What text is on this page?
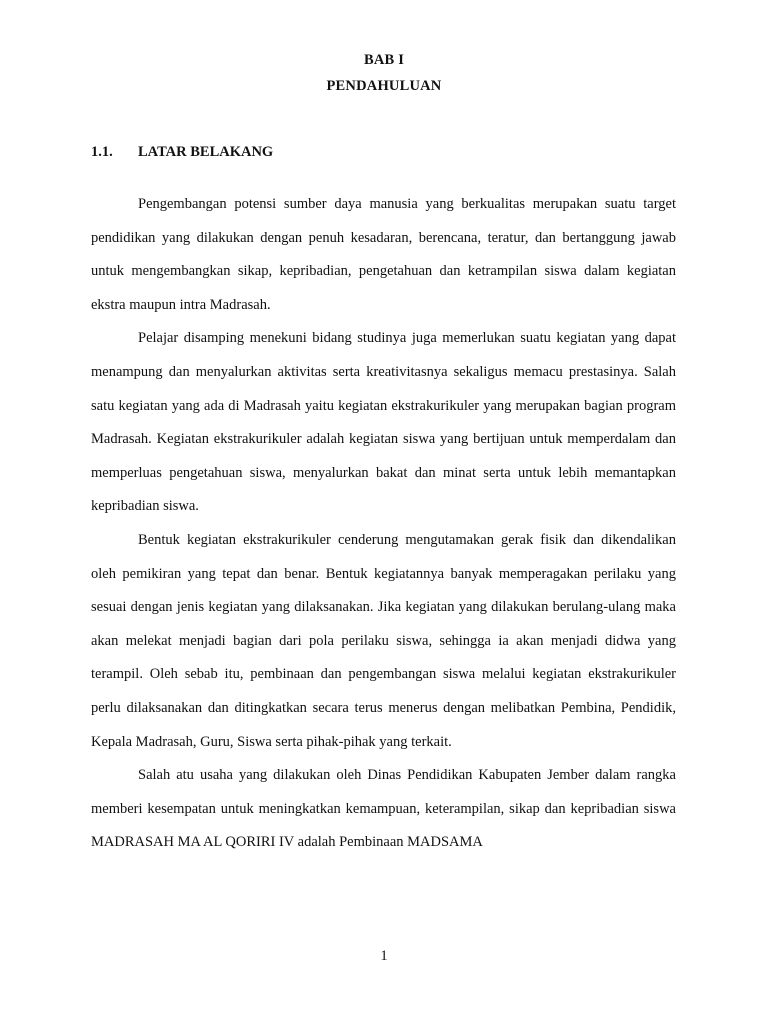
BAB I
PENDAHULUAN
1.1. LATAR BELAKANG

Pengembangan potensi sumber daya manusia yang berkualitas merupakan suatu target pendidikan yang dilakukan dengan penuh kesadaran, berencana, teratur, dan bertanggung jawab untuk mengembangkan sikap, kepribadian, pengetahuan dan ketrampilan siswa dalam kegiatan ekstra maupun intra Madrasah.

Pelajar disamping menekuni bidang studinya juga memerlukan suatu kegiatan yang dapat menampung dan menyalurkan aktivitas serta kreativitasnya sekaligus memacu prestasinya. Salah satu kegiatan yang ada di Madrasah yaitu kegiatan ekstrakurikuler yang merupakan bagian program Madrasah. Kegiatan ekstrakurikuler adalah kegiatan siswa yang bertijuan untuk memperdalam dan memperluas pengetahuan siswa, menyalurkan bakat dan minat serta untuk lebih memantapkan kepribadian siswa.

Bentuk kegiatan ekstrakurikuler cenderung mengutamakan gerak fisik dan dikendalikan oleh pemikiran yang tepat dan benar. Bentuk kegiatannya banyak memperagakan perilaku yang sesuai dengan jenis kegiatan yang dilaksanakan. Jika kegiatan yang dilakukan berulang-ulang maka akan melekat menjadi bagian dari pola perilaku siswa, sehingga ia akan menjadi didwa yang terampil. Oleh sebab itu, pembinaan dan pengembangan siswa melalui kegiatan ekstrakurikuler perlu dilaksanakan dan ditingkatkan secara terus menerus dengan melibatkan Pembina, Pendidik, Kepala Madrasah, Guru, Siswa serta pihak-pihak yang terkait.

Salah atu usaha yang dilakukan oleh Dinas Pendidikan Kabupaten Jember dalam rangka memberi kesempatan untuk meningkatkan kemampuan, keterampilan, sikap dan kepribadian siswa MADRASAH MA AL QORIRI IV adalah Pembinaan MADSAMA

1
